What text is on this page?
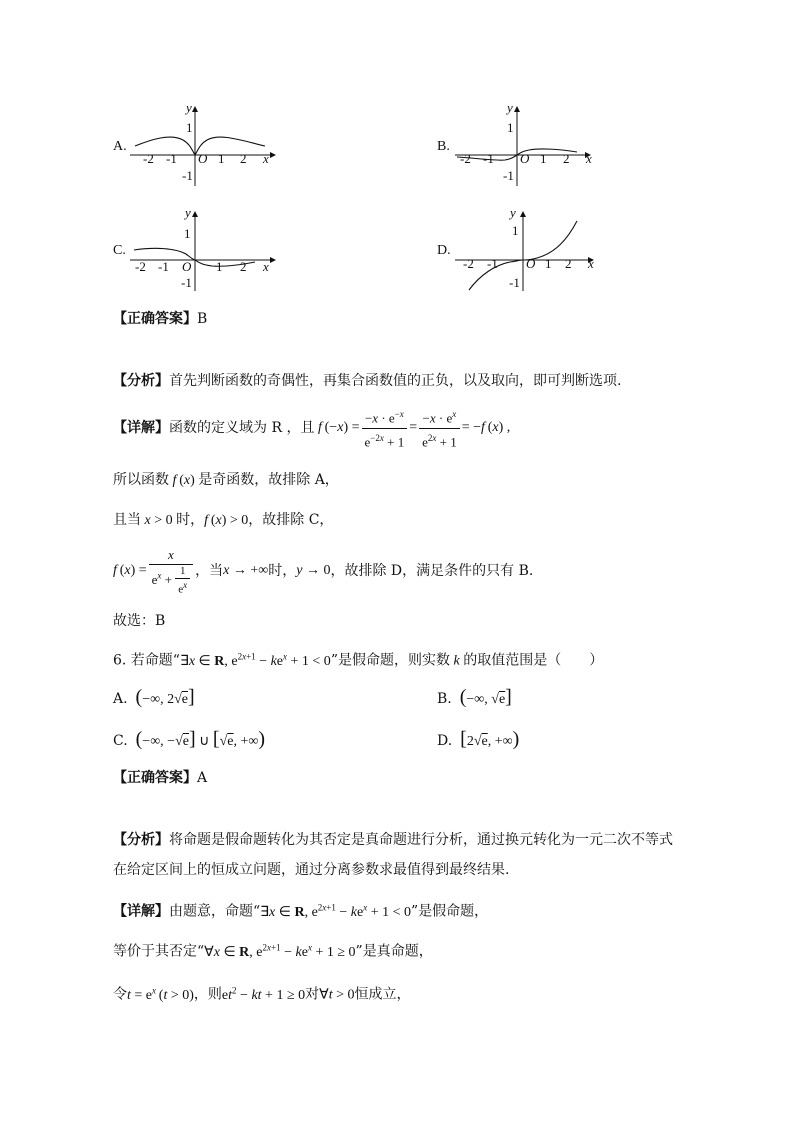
A.	B.
C.	D.
y
1
-2 -1 O 1 2 x
-1
y
1
-2 -1 O 1 2 x
-1
y
1
-2 -1 O 1 2 x
-1
y
1
-2 -1 O 1 2 x
-1
【正确答案】B
【分析】首先判断函数的奇偶性，再集合函数值的正负，以及取向，即可判断选项.
【详解】 函数的定义域为 R ，且 f $(-x) = \frac{-x \cdot e^{-x}}{e^{-2x} + 1} = \frac{-x \cdot e^x}{e^{2x} + 1} = -f$ (x) ,
所以函数 f (x) 是奇函数，故排除 A，
且当 x > 0 时，f (x) > 0，故排除 C，
f $(x) = \frac{x}{e^x + \frac{1}{e^x}}$ ，当 x → +∞ 时， y → 0 ，故排除 D，满足条件的只有 B.
故选：B
6. 若命题“∃x ∈ R, $e^{2x+1} - ke^x + 1 < 0$”是假命题，则实数 k 的取值范围是（　　）
A. (−∞, 2√e]	B. (−∞, √e]
C. (−∞, −√e] ∪ [√e, +∞)	D. [2√e, +∞)
【正确答案】A
【分析】将命题是假命题转化为其否定是真命题进行分析，通过换元转化为一元二次不等式
在给定区间上的恒成立问题，通过分离参数求最值得到最终结果.
【详解】由题意，命题“∃x ∈ R, $e^{2x+1} - ke^x + 1 < 0$”是假命题，
等价于其否定“∀x ∈ R, $e^{2x+1} - ke^x + 1 \ge 0$”是真命题，
令$t = e^x$ (t > 0)，则$et^2$ − kt + 1 ≥ 0对∀t > 0恒成立，
